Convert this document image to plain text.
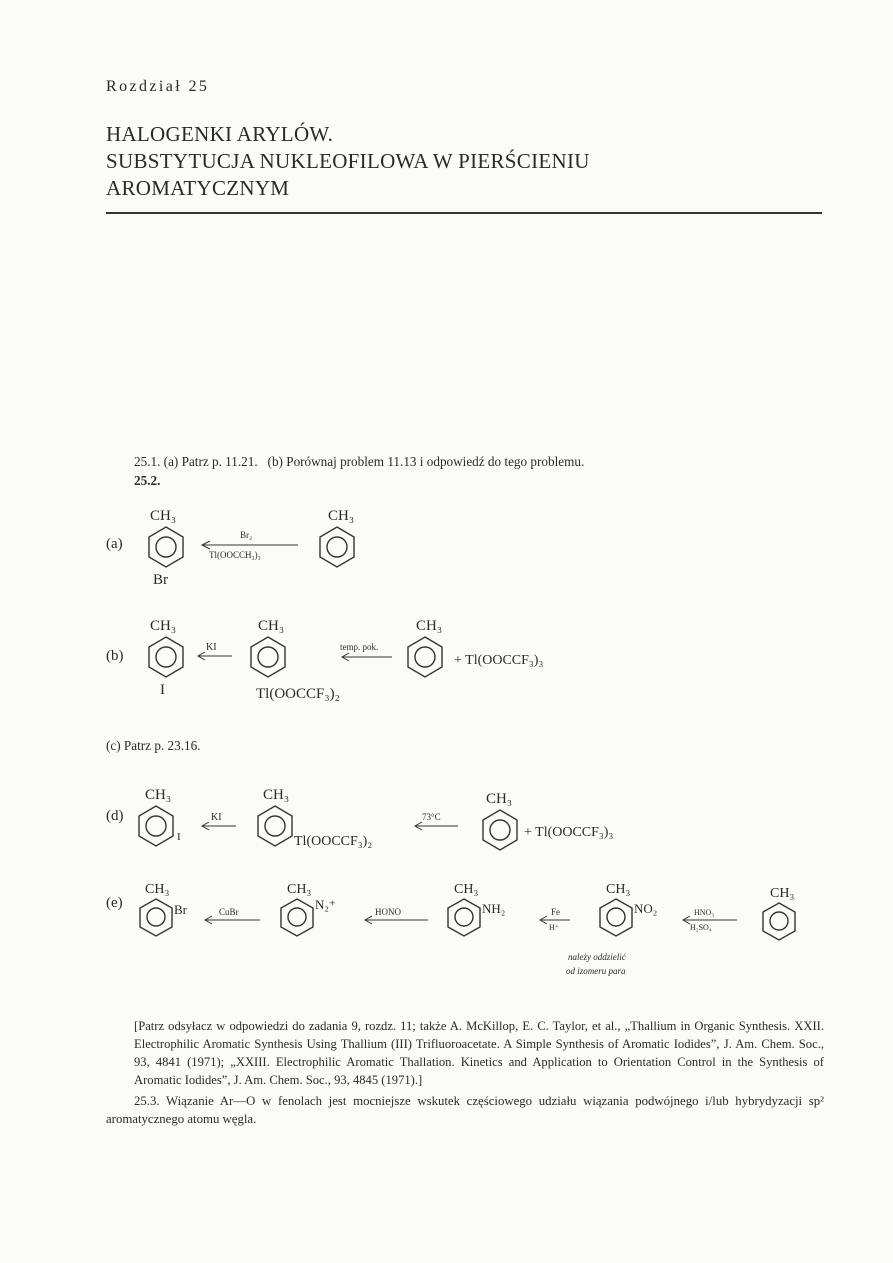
Rozdział 25
HALOGENKI ARYLÓW.
SUBSTYTUCJA NUKLEOFILOWA W PIERŚCIENIU
AROMATYCZNYM
25.1. (a) Patrz p. 11.21.   (b) Porównaj problem 11.13 i odpowiedź do tego problemu.
25.2.
(a)
CH₃
Br
Br₂
Tl(OOCCH₃)₃
CH₃
(b)
CH₃
I
KI
CH₃
Tl(OOCCF₃)₂
temp. pok.
CH₃
+ Tl(OOCCF₃)₃
(c) Patrz p. 23.16.
(d)
CH₃
I
KI
CH₃
Tl(OOCCF₃)₂
73°C
CH₃
+ Tl(OOCCF₃)₃
(e)
CH₃
Br	CuBr
CH₃
N₂⁺	HONO
CH₃
NH₂	Fe
H⁺
CH₃
NO₂	HNO₃
H₂SO₄
CH₃
należy oddzielić
od izomeru para

[Patrz odsyłacz w odpowiedzi do zadania 9, rozdz. 11; także A. McKillop, E. C. Taylor, et al., „Thallium in Organic Synthesis. XXII. Electrophilic Aromatic Synthesis Using Thallium (III) Trifluoroacetate. A Simple Synthesis of Aromatic Iodides”, J. Am. Chem. Soc., 93, 4841 (1971); „XXIII. Electrophilic Aromatic Thallation. Kinetics and Application to Orientation Control in the Synthesis of Aromatic Iodides”, J. Am. Chem. Soc., 93, 4845 (1971).]

25.3. Wiązanie Ar—O w fenolach jest mocniejsze wskutek częściowego udziału wiązania podwójnego i/lub hybrydyzacji sp² aromatycznego atomu węgla.
